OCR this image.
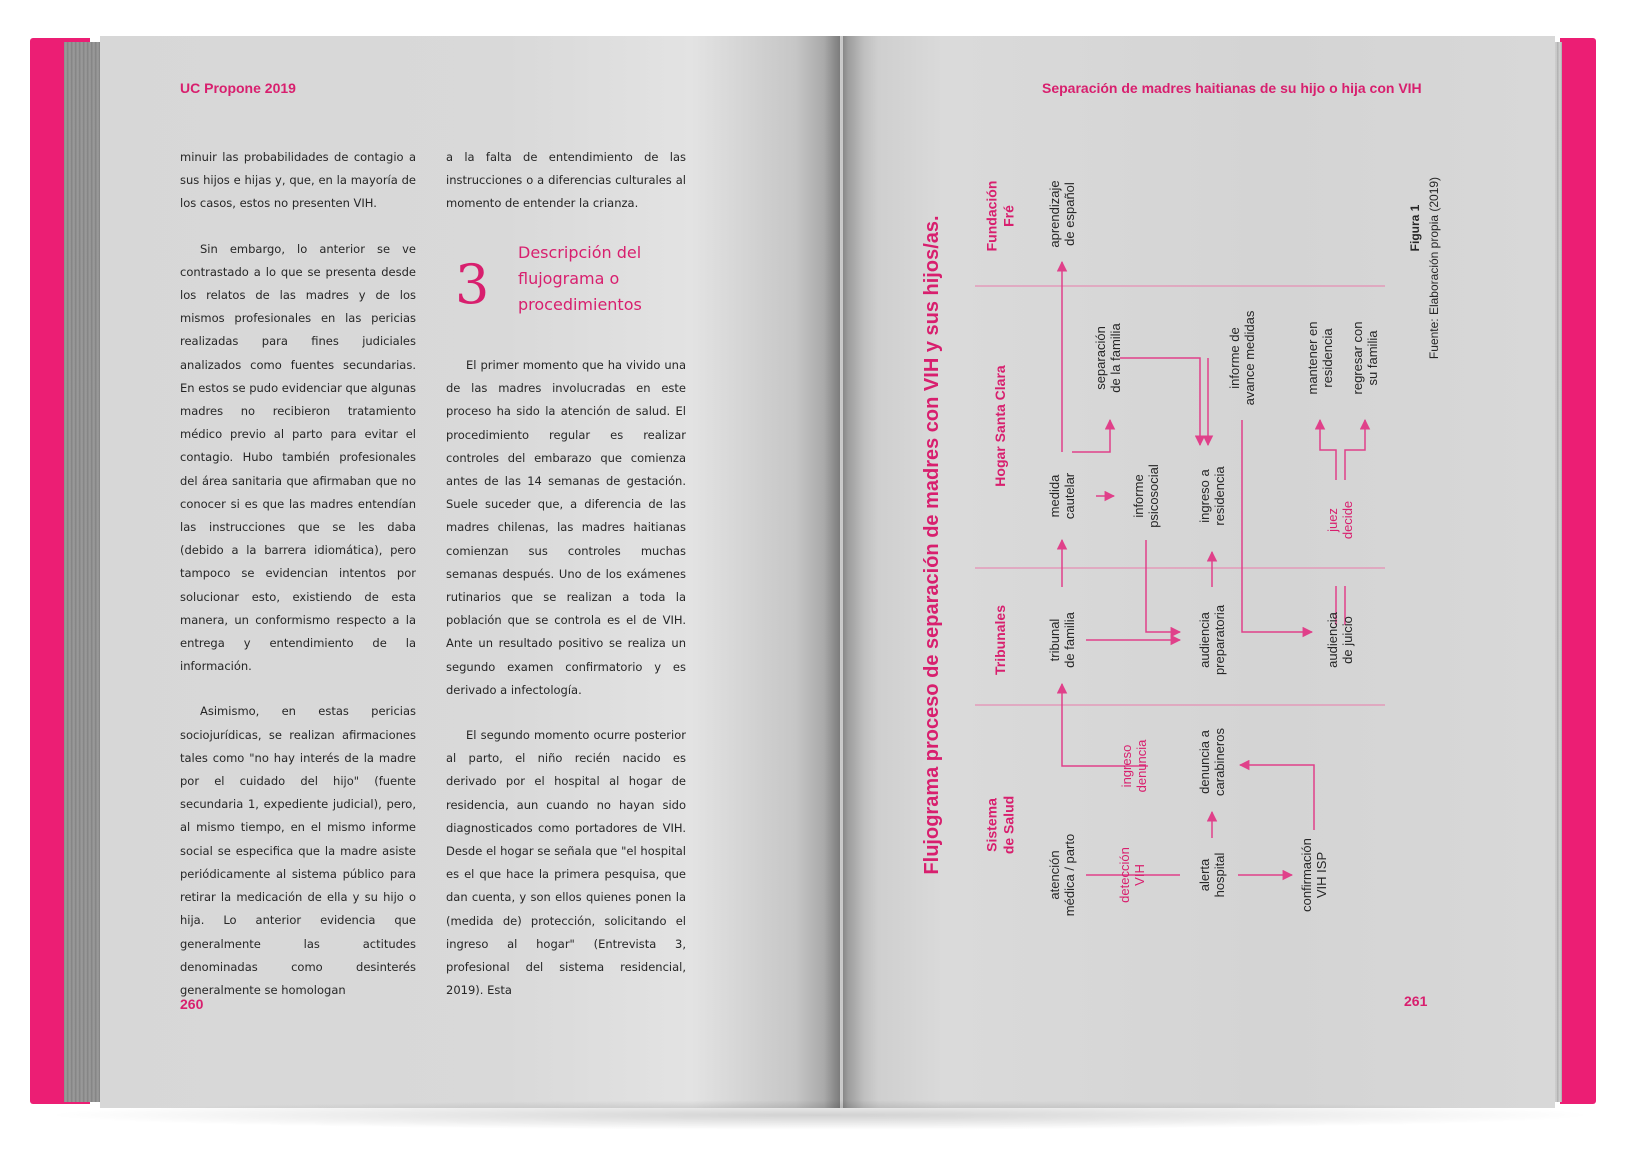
UC Propone 2019

minuir las probabilidades de contagio a sus hijos e hijas y, que, en la mayoría de los casos, estos no presenten VIH.

Sin embargo, lo anterior se ve contrastado a lo que se presenta desde los relatos de las madres y de los mismos profesionales en las pericias realizadas para fines judiciales analizados como fuentes secundarias. En estos se pudo evidenciar que algunas madres no recibieron tratamiento médico previo al parto para evitar el contagio. Hubo también profesionales del área sanitaria que afirmaban que no conocer si es que las madres entendían las instrucciones que se les daba (debido a la barrera idiomática), pero tampoco se evidencian intentos por solucionar esto, existiendo de esta manera, un conformismo respecto a la entrega y entendimiento de la información.

Asimismo, en estas pericias sociojurídicas, se realizan afirmaciones tales como "no hay interés de la madre por el cuidado del hijo" (fuente secundaria 1, expediente judicial), pero, al mismo tiempo, en el mismo informe social se especifica que la madre asiste periódicamente al sistema público para retirar la medicación de ella y su hijo o hija. Lo anterior evidencia que generalmente las actitudes denominadas como desinterés generalmente se homologan

a la falta de entendimiento de las instrucciones o a diferencias culturales al momento de entender la crianza.

3
Descripción del flujograma o procedimientos

El primer momento que ha vivido una de las madres involucradas en este proceso ha sido la atención de salud. El procedimiento regular es realizar controles del embarazo que comienza antes de las 14 semanas de gestación. Suele suceder que, a diferencia de las madres chilenas, las madres haitianas comienzan sus controles muchas semanas después. Uno de los exámenes rutinarios que se realizan a toda la población que se controla es el de VIH. Ante un resultado positivo se realiza un segundo examen confirmatorio y es derivado a infectología.

El segundo momento ocurre posterior al parto, el niño recién nacido es derivado por el hospital al hogar de residencia, aun cuando no hayan sido diagnosticados como portadores de VIH. Desde el hogar se señala que "el hospital es el que hace la primera pesquisa, que dan cuenta, y son ellos quienes ponen la (medida de) protección, solicitando el ingreso al hogar" (Entrevista 3, profesional del sistema residencial, 2019). Esta

260
Separación de madres haitianas de su hijo o hija con VIH
261
Flujograma proceso de separación de madres con VIH y sus hijos/as.	Figura 1 Fuente: Elaboración propia (2019)
Sistemade Salud
Tribunales
Hogar Santa Clara
FundaciónFré
atenciónmédica / parto	detecciónVIH	alertahospital	confirmaciónVIH ISP
denuncia acarabineros
ingresodenuncia
tribunalde familia	audienciapreparatoria	audienciade juicio
medidacautelar	informepsicosocial	ingreso aresidencia	juezdecide
separaciónde la familia	informe deavance medidas	mantener enresidencia regresar consu familia
aprendizajede español
